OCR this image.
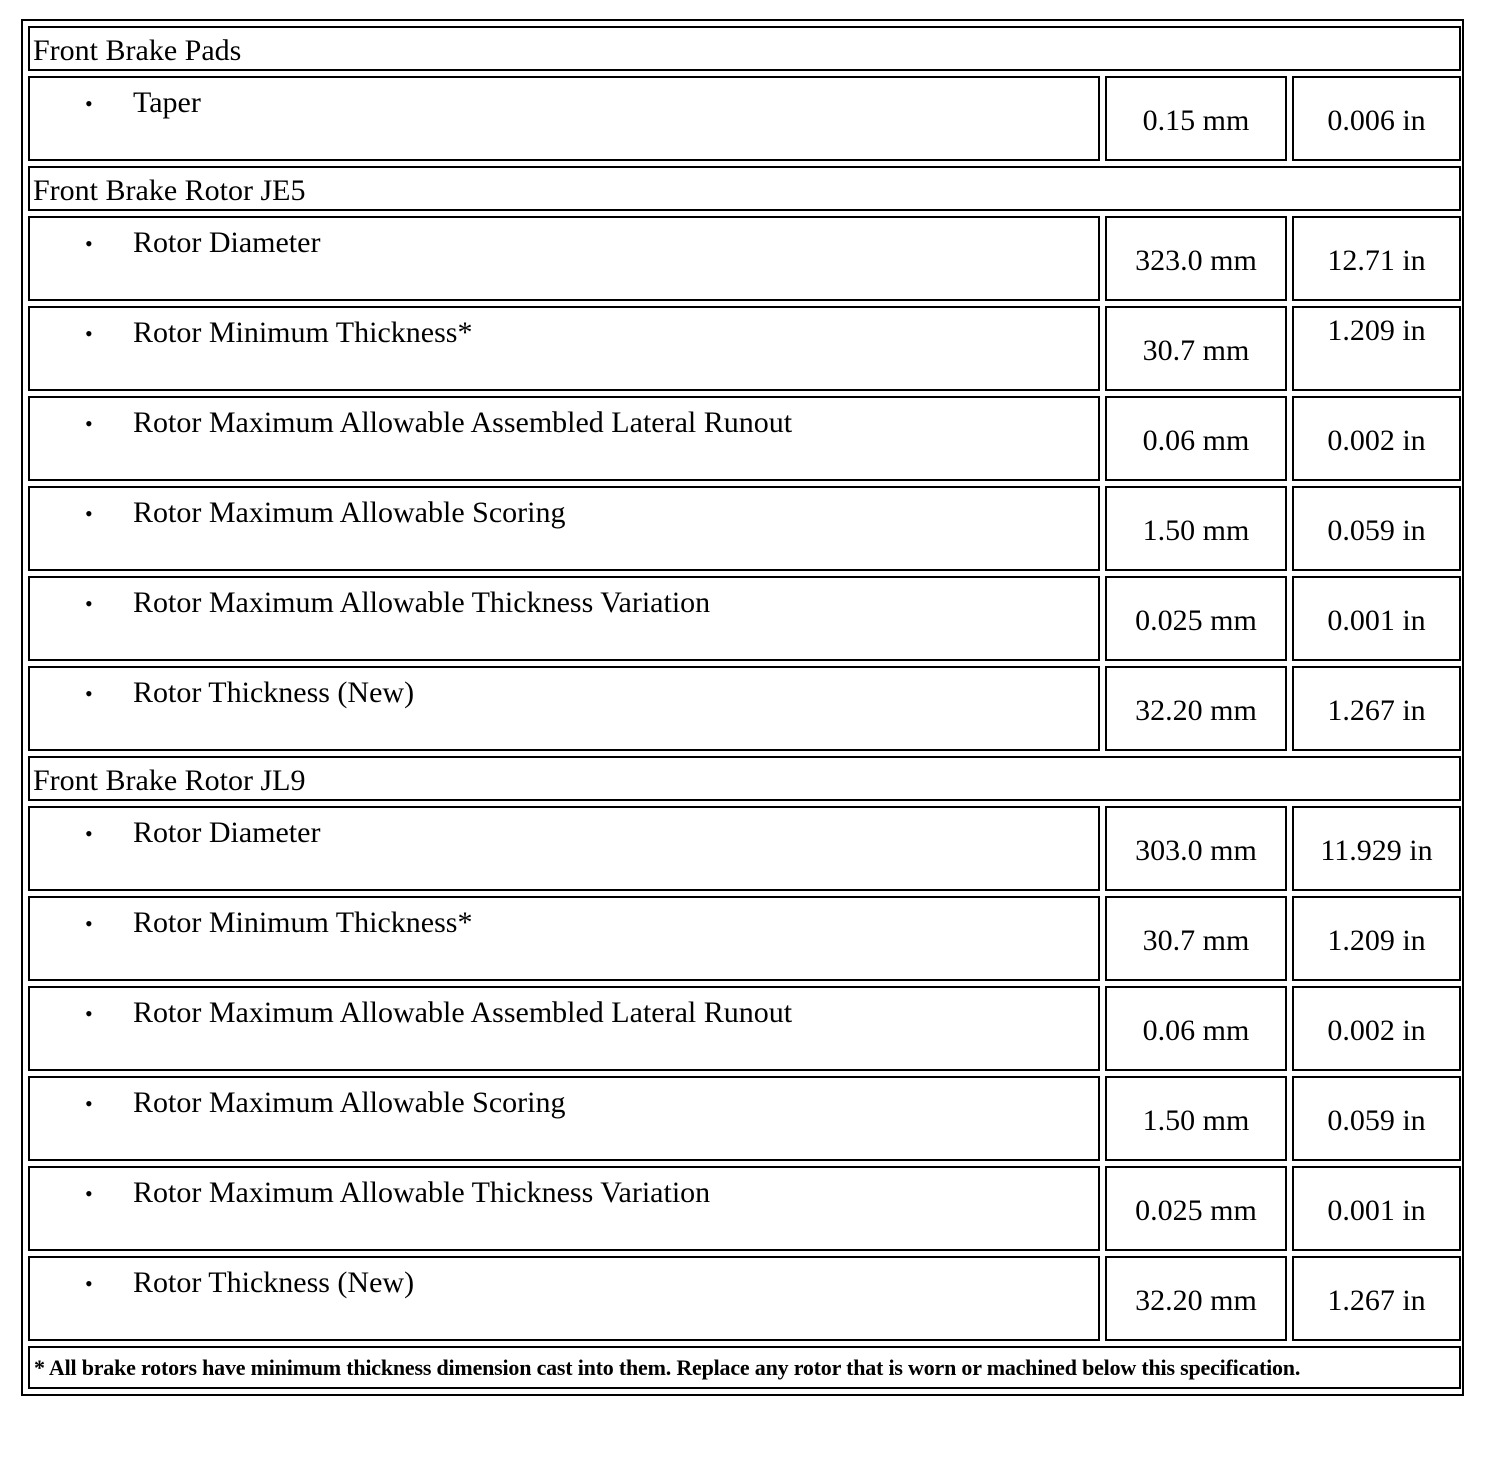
Front Brake Pads		

• Taper	0.15 mm	0.006 in
Front Brake Rotor JE5		

• Rotor Diameter	323.0 mm	12.71 in

• Rotor Minimum Thickness*	30.7 mm	1.209 in

• Rotor Maximum Allowable Assembled Lateral Runout	0.06 mm	0.002 in

• Rotor Maximum Allowable Scoring	1.50 mm	0.059 in

• Rotor Maximum Allowable Thickness Variation	0.025 mm	0.001 in

• Rotor Thickness (New)	32.20 mm	1.267 in
Front Brake Rotor JL9		

• Rotor Diameter	303.0 mm	11.929 in

• Rotor Minimum Thickness*	30.7 mm	1.209 in

• Rotor Maximum Allowable Assembled Lateral Runout	0.06 mm	0.002 in

• Rotor Maximum Allowable Scoring	1.50 mm	0.059 in

• Rotor Maximum Allowable Thickness Variation	0.025 mm	0.001 in

• Rotor Thickness (New)	32.20 mm	1.267 in
* All brake rotors have minimum thickness dimension cast into them. Replace any rotor that is worn or machined below this specification.		
